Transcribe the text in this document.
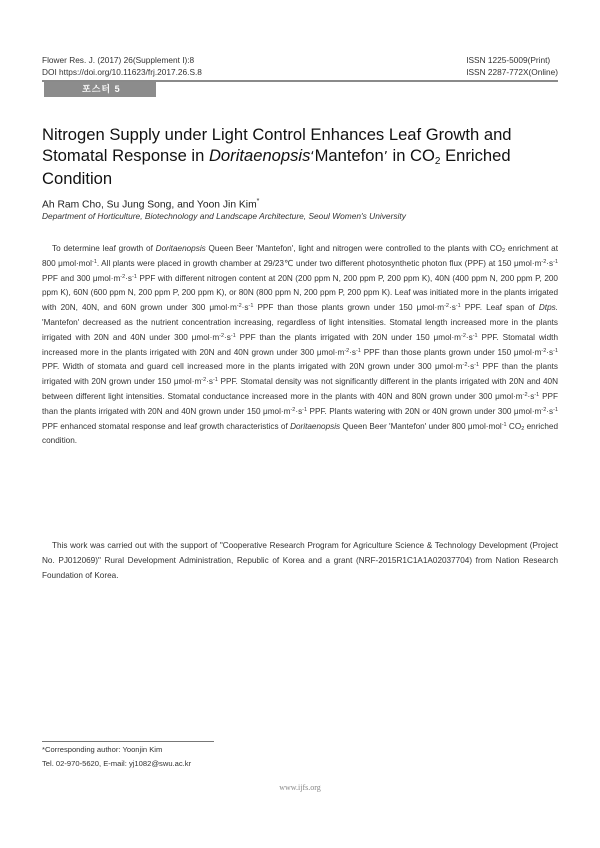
Flower Res. J. (2017) 26(Supplement I):8
DOI https://doi.org/10.11623/frj.2017.26.S.8
ISSN 1225-5009(Print)
ISSN 2287-772X(Online)
포스터 5
Nitrogen Supply under Light Control Enhances Leaf Growth and Stomatal Response in Doritaenopsis‘Mantefon’ in $CO_2$ Enriched Condition
Ah Ram Cho, Su Jung Song, and Yoon Jin Kim*
Department of Horticulture, Biotechnology and Landscape Architecture, Seoul Women's University

To determine leaf growth of Doritaenopsis Queen Beer 'Mantefon', light and nitrogen were controlled to the plants with $CO_2$ enrichment at 800 μmol·mol$^{-1}$. All plants were placed in growth chamber at 29/23℃ under two different photosynthetic photon flux (PPF) at 150 $\mu mol\cdot m^{-2}\cdot s^{-1}$ PPF and 300 $\mu mol\cdot m^{-2}\cdot s^{-1}$ PPF with different nitrogen content at 20N (200 ppm N, 200 ppm P, 200 ppm K), 40N (400 ppm N, 200 ppm P, 200 ppm K), 60N (600 ppm N, 200 ppm P, 200 ppm K), or 80N (800 ppm N, 200 ppm P, 200 ppm K). Leaf was initiated more in the plants irrigated with 20N, 40N, and 60N grown under 300 $\mu mol\cdot m^{-2}\cdot s^{-1}$ PPF than those plants grown under 150 $\mu mol\cdot m^{-2}\cdot s^{-1}$ PPF. Leaf span of Dtps. 'Mantefon' decreased as the nutrient concentration increasing, regardless of light intensities. Stomatal length increased more in the plants irrigated with 20N and 40N under 300 $\mu mol\cdot m^{-2}\cdot s^{-1}$ PPF than the plants irrigated with 20N under 150 $\mu mol\cdot m^{-2}\cdot s^{-1}$ PPF. Stomatal width increased more in the plants irrigated with 20N and 40N grown under 300 $\mu mol\cdot m^{-2}\cdot s^{-1}$ PPF than those plants grown under 150 $\mu mol\cdot m^{-2}\cdot s^{-1}$ PPF. Width of stomata and guard cell increased more in the plants irrigated with 20N grown under 300 $\mu mol\cdot m^{-2}\cdot s^{-1}$ PPF than the plants irrigated with 20N grown under 150 $\mu mol\cdot m^{-2}\cdot s^{-1}$ PPF. Stomatal density was not significantly different in the plants irrigated with 20N and 40N between different light intensities. Stomatal conductance increased more in the plants with 40N and 80N grown under 300 $\mu mol\cdot m^{-2}\cdot s^{-1}$ PPF than the plants irrigated with 20N and 40N grown under 150 $\mu mol\cdot m^{-2}\cdot s^{-1}$ PPF. Plants watering with 20N or 40N grown under 300 $\mu mol\cdot m^{-2}\cdot s^{-1}$ PPF enhanced stomatal response and leaf growth characteristics of Doritaenopsis Queen Beer 'Mantefon' under 800 μmol·mol$^{-1}$ $CO_2$ enriched condition.

This work was carried out with the support of "Cooperative Research Program for Agriculture Science & Technology Development (Project No. PJ012069)" Rural Development Administration, Republic of Korea and a grant (NRF-2015R1C1A1A02037704) from Nation Research Foundation of Korea.

*Corresponding author: Yoonjin Kim
Tel. 02-970-5620, E-mail: yj1082@swu.ac.kr
www.ijfs.org
